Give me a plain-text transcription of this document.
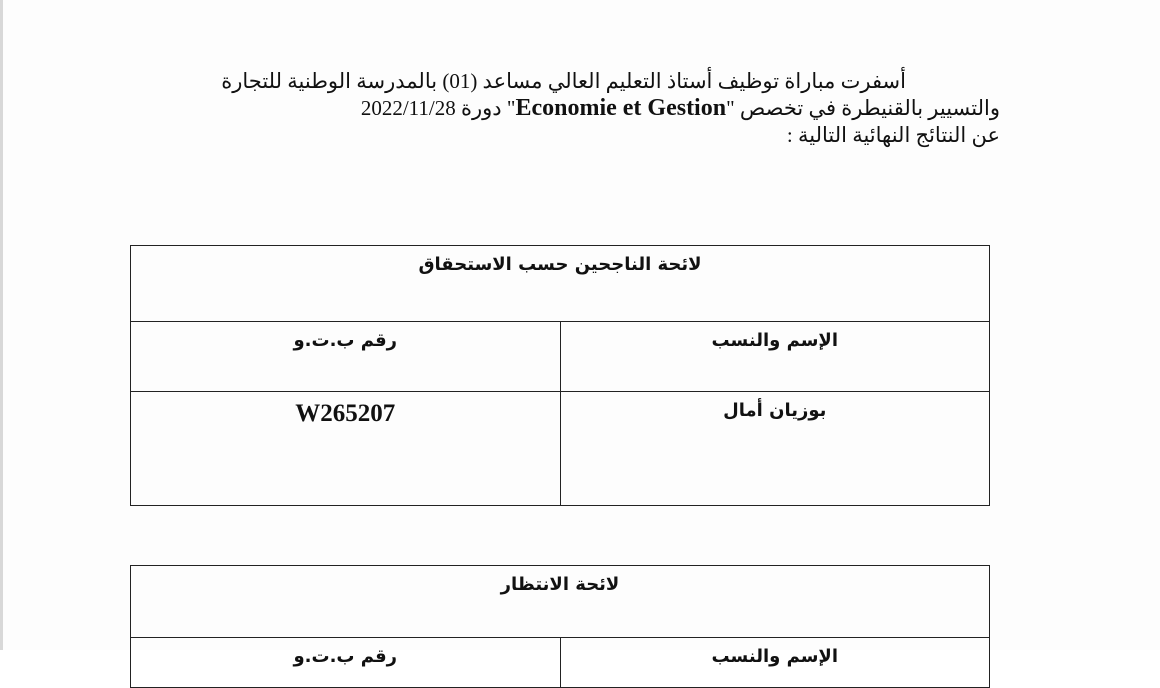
أسفرت مباراة توظيف أستاذ التعليم العالي مساعد (01) بالمدرسة الوطنية للتجارة

والتسيير بالقنيطرة في تخصص "Economie et Gestion" دورة 2022/11/28

عن النتائج النهائية التالية :

لائحة الناجحين حسب الاستحقاق	
الإسم والنسب	رقم ب.ت.و
بوزيان أمال	W265207
لائحة الانتظار
الإسم والنسب	رقم ب.ت.و
